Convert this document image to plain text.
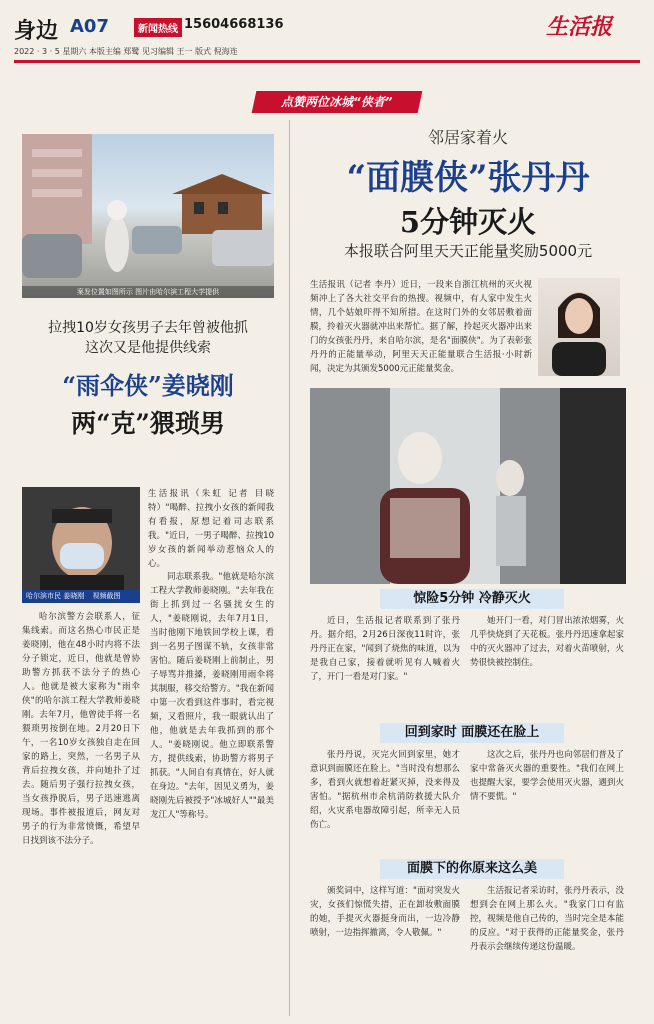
身边 A07	新闻热线 15604668136	生活报
2022 · 3 · 5 星期六 本版主编 郑鹭 见习编辑 王一 版式 倪海连
点赞两位冰城“侠者”
案发位置如图所示 图片由哈尔滨工程大学提供
拉拽10岁女孩男子去年曾被他抓
这次又是他提供线索
“雨伞侠”姜晓刚
两“克”猥琐男
哈尔滨市民 姜晓刚 视频截图
生活报讯（朱虹 记者 目晓特）"喝醉、拉拽小女孩的新闻我有看报，原想记着司志联系我。"近日，一男子喝醉、拉拽10岁女孩的新闻举动惹恼众人的心。

哈尔滨警方会联系人，征集线索。而这名热心市民正是姜晓刚，他在48小时内将不法分子锁定，近日，他就是曾协助警方抓获不法分子的热心人。他就是被大家称为"雨伞侠"的哈尔滨工程大学教师姜晓刚。去年7月，他曾徒手将一名猥琐男按倒在地。2月20日下午，一名10岁女孩独自走在回家的路上，突然，一名男子从背后拉拽女孩，并向她扑了过去。随后男子强行拉拽女孩，当女孩挣脱后，男子迅速逃离现场。事件被报道后，网友对男子的行为非常愤慨，希望早日找到该不法分子。

同志联系我。"他就是哈尔滨工程大学教师姜晓刚。"去年我在街上抓到过一名骚扰女生的人，"姜晓刚说，去年7月1日，当时他刚下地铁回学校上课，看到一名男子图谋不轨，女孩非常害怕。随后姜晓刚上前制止，男子辱骂并推搡，姜晓刚用雨伞将其制服，移交给警方。"我在新闻中第一次看到这件事时，看完视频，又看照片，我一眼就认出了他，他就是去年我抓到的那个人。"姜晓刚说。他立即联系警方，提供线索，协助警方将男子抓获。"人间自有真情在，好人就在身边。"去年，因见义勇为，姜晓刚先后被授予"冰城好人""最美龙江人"等称号。

邻居家着火
“面膜侠”张丹丹
5分钟灭火
本报联合阿里天天正能量奖励5000元
生活报讯（记者 李丹）近日，一段来自浙江杭州的灭火视频冲上了各大社交平台的热搜。视频中，有人家中发生火情，几个姑娘吓得不知所措。在这时门外的女邻居敷着面膜，拎着灭火器就冲出来帮忙。据了解，拎起灭火器冲出来门的女孩张丹丹，来自哈尔滨，是名"面膜侠"。为了表彰张丹丹的正能量举动，阿里天天正能量联合生活报·小时新闻，决定为其颁发5000元正能量奖金。
惊险5分钟 冷静灭火

近日，生活报记者联系到了张丹丹。据介绍，2月26日深夜11时许，张丹丹正在家，"闻到了烧焦的味道，以为是我自己家，接着就听见有人喊着火了，开门一看是对门家。"

她开门一看，对门冒出浓浓烟雾，火几乎快烧到了天花板。张丹丹迅速拿起家中的灭火器冲了过去，对着火苗喷射，火势很快被控制住。

回到家时 面膜还在脸上

张丹丹说，灭完火回到家里，她才意识到面膜还在脸上。"当时没有想那么多，看到火就想着赶紧灭掉，没来得及害怕。"据杭州市余杭消防救援大队介绍，火灾系电器故障引起，所幸无人员伤亡。

这次之后，张丹丹也向邻居们普及了家中常备灭火器的重要性。"我们在网上也提醒大家，要学会使用灭火器，遇到火情不要慌。"

面膜下的你原来这么美

颁奖词中，这样写道："面对突发火灾，女孩们惊慌失措，正在卸妆敷面膜的她，手提灭火器挺身而出，一边冷静喷射，一边指挥撤离，令人敬佩。"

生活报记者采访时，张丹丹表示，没想到会在网上那么火。"我家门口有监控，视频是他自己传的，当时完全是本能的反应。"对于获得的正能量奖金，张丹丹表示会继续传递这份温暖。
